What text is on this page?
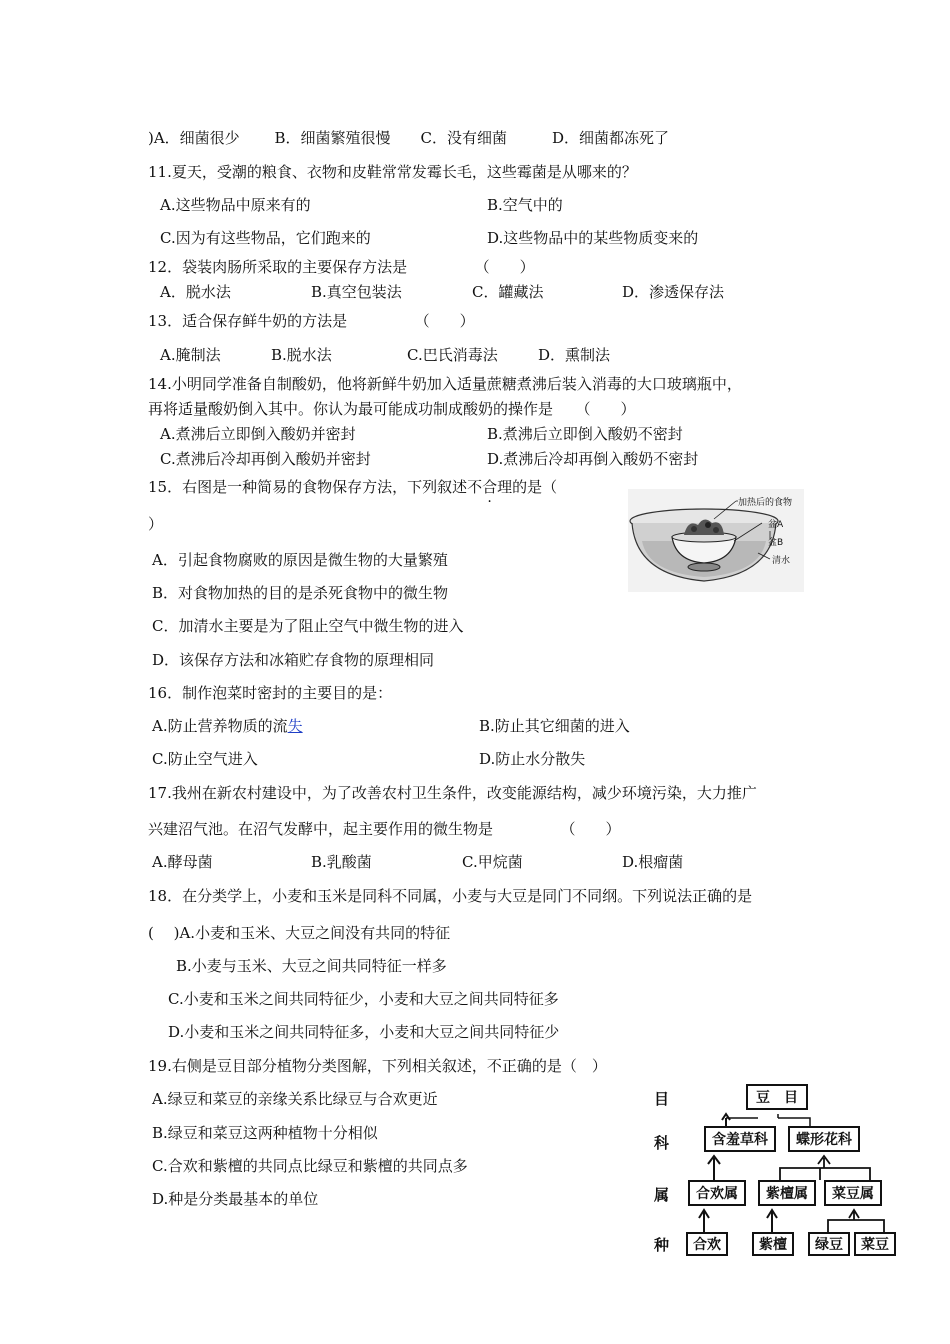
)A．细菌很少　　 B．细菌繁殖很慢　　C．没有细菌　　　D．细菌都冻死了
11.夏天，受潮的粮食、衣物和皮鞋常常发霉长毛，这些霉菌是从哪来的？
A.这些物品中原来有的	B.空气中的
C.因为有这些物品，它们跑来的	D.这些物品中的某些物质变来的
12．袋装肉肠所采取的主要保存方法是　　　　　（　　）
A．脱水法	B.真空包装法	C．罐藏法	D．渗透保存法
13．适合保存鲜牛奶的方法是　　　　　（　　）
A.腌制法	B.脱水法	C.巴氏消毒法	D．熏制法
14.小明同学准备自制酸奶，他将新鲜牛奶加入适量蔗糖煮沸后装入消毒的大口玻璃瓶中，
再将适量酸奶倒入其中。你认为最可能成功制成酸奶的操作是　　（　　）
A.煮沸后立即倒入酸奶并密封	B.煮沸后立即倒入酸奶不密封
C.煮沸后冷却再倒入酸奶并密封	D.煮沸后冷却再倒入酸奶不密封
15．右图是一种简易的食物保存方法，下列叙述不合理的是（
）
A．引起食物腐败的原因是微生物的大量繁殖
B．对食物加热的目的是杀死食物中的微生物
C．加清水主要是为了阻止空气中微生物的进入
D．该保存方法和冰箱贮存食物的原理相同
加热后的食物
盆A
盆B
清水
16．制作泡菜时密封的主要目的是：
A.防止营养物质的流失	B.防止其它细菌的进入
C.防止空气进入	D.防止水分散失
17.我州在新农村建设中，为了改善农村卫生条件，改变能源结构，减少环境污染，大力推广
兴建沼气池。在沼气发酵中，起主要作用的微生物是　　　　　（　　）
A.酵母菌	B.乳酸菌	C.甲烷菌	D.根瘤菌
18．在分类学上，小麦和玉米是同科不同属，小麦与大豆是同门不同纲。下列说法正确的是
(　 )A.小麦和玉米、大豆之间没有共同的特征
B.小麦与玉米、大豆之间共同特征一样多
C.小麦和玉米之间共同特征少，小麦和大豆之间共同特征多
D.小麦和玉米之间共同特征多，小麦和大豆之间共同特征少
19.右侧是豆目部分植物分类图解，下列相关叙述，不正确的是（　）
A.绿豆和菜豆的亲缘关系比绿豆与合欢更近
B.绿豆和菜豆这两种植物十分相似
C.合欢和紫檀的共同点比绿豆和紫檀的共同点多
D.种是分类最基本的单位
目
科
属
种
豆　目
含羞草科	蝶形花科
合欢属	紫檀属	菜豆属
合欢	紫檀	绿豆	菜豆
